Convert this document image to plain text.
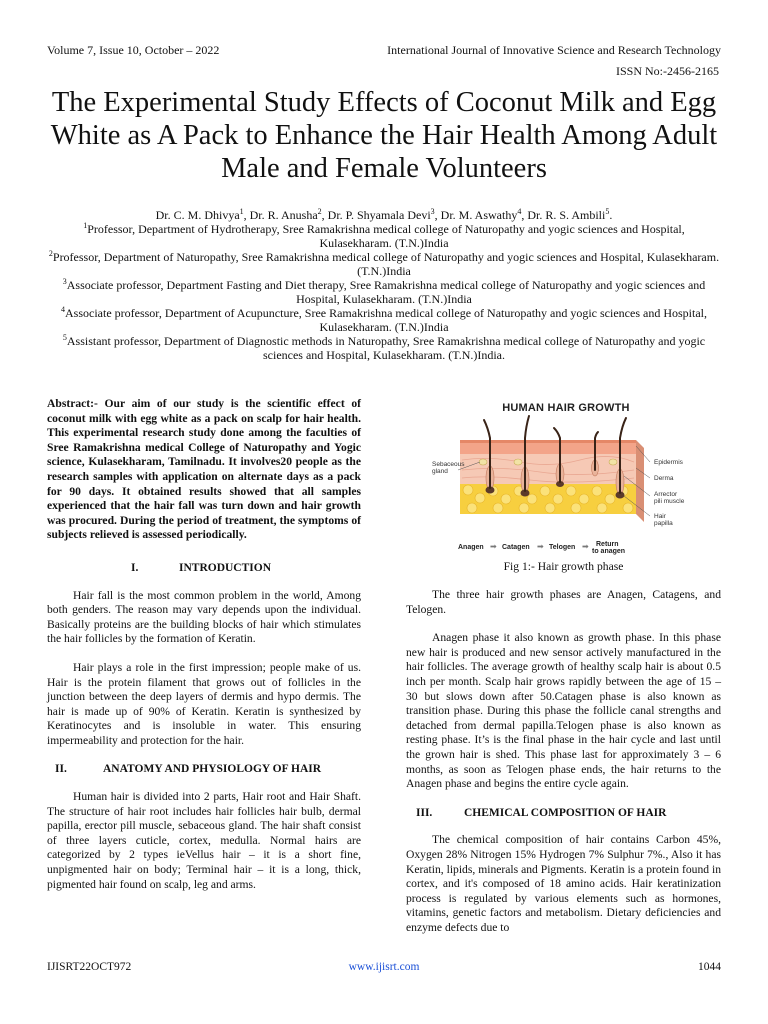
Volume 7, Issue 10, October – 2022	International Journal of Innovative Science and Research Technology
ISSN No:-2456-2165
The Experimental Study Effects of Coconut Milk and Egg White as A Pack to Enhance the Hair Health Among Adult Male and Female Volunteers

Dr. C. M. Dhivya$^1$, Dr. R. Anusha$^2$, Dr. P. Shyamala Devi$^3$, Dr. M. Aswathy$^4$, Dr. R. S. Ambili$^5$.

$^1$Professor, Department of Hydrotherapy, Sree Ramakrishna medical college of Naturopathy and yogic sciences and Hospital, Kulasekharam. (T.N.)India

$^2$Professor, Department of Naturopathy, Sree Ramakrishna medical college of Naturopathy and yogic sciences and Hospital, Kulasekharam. (T.N.)India

$^3$Associate professor, Department Fasting and Diet therapy, Sree Ramakrishna medical college of Naturopathy and yogic sciences and Hospital, Kulasekharam. (T.N.)India

$^4$Associate professor, Department of Acupuncture, Sree Ramakrishna medical college of Naturopathy and yogic sciences and Hospital, Kulasekharam. (T.N.)India

$^5$Assistant professor, Department of Diagnostic methods in Naturopathy, Sree Ramakrishna medical college of Naturopathy and yogic sciences and Hospital, Kulasekharam. (T.N.)India.

Abstract:- Our aim of our study is the scientific effect of coconut milk with egg white as a pack on scalp for hair health. This experimental research study done among the faculties of Sree Ramakrishna medical College of Naturopathy and Yogic science, Kulasekharam, Tamilnadu. It involves20 people as the research samples with application on alternate days as a pack for 90 days. It obtained results showed that all samples experienced that the hair fall was turn down and hair growth was procured. During the period of treatment, the symptoms of subjects relieved is assessed periodically.

I.	INTRODUCTION

Hair fall is the most common problem in the world, Among both genders. The reason may vary depends upon the individual. Basically proteins are the building blocks of hair which stimulates the hair follicles by the formation of Keratin.

Hair plays a role in the first impression; people make of us. Hair is the protein filament that grows out of follicles in the junction between the deep layers of dermis and hypo dermis. The hair is made up of 90% of Keratin. Keratin is synthesized by Keratinocytes and is insoluble in water. This ensuring impermeability and protection for the hair.

II.	ANATOMY AND PHYSIOLOGY OF HAIR

Human hair is divided into 2 parts, Hair root and Hair Shaft. The structure of hair root includes hair follicles hair bulb, dermal papilla, erector pill muscle, sebaceous gland. The hair shaft consist of three layers cuticle, cortex, medulla. Normal hairs are categorized by 2 types ieVellus hair – it is a short fine, unpigmented hair on body; Terminal hair – it is a long, thick, pigmented hair found on scalp, leg and arms.

HUMAN HAIR GROWTH
Sebaceous
gland
Epidermis
Derma
Arrector
pili muscle
Hair
papilla
Anagen ➡ Catagen ➡ Telogen ➡ Return
to anagen
Fig 1:- Hair growth phase

The three hair growth phases are Anagen, Catagens, and Telogen.

Anagen phase it also known as growth phase. In this phase new hair is produced and new sensor actively manufactured in the hair follicles. The average growth of healthy scalp hair is about 0.5 inch per month. Scalp hair grows rapidly between the age of 15 – 30 but slows down after 50.Catagen phase is also known as transition phase. During this phase the follicle canal strengths and detached from dermal papilla.Telogen phase is also known as resting phase. It’s is the final phase in the hair cycle and last until the grown hair is shed. This phase last for approximately 3 – 6 months, as soon as Telogen phase ends, the hair returns to the Anagen phase and begins the entire cycle again.

III.	CHEMICAL COMPOSITION OF HAIR

The chemical composition of hair contains Carbon 45%, Oxygen 28% Nitrogen 15% Hydrogen 7% Sulphur 7%., Also it has Keratin, lipids, minerals and Pigments. Keratin is a protein found in cortex, and it's composed of 18 amino acids. Hair keratinization process is regulated by various elements such as hormones, vitamins, genetic factors and metabolism. Dietary deficiencies and enzyme defects due to

IJISRT22OCT972	www.ijisrt.com	1044
